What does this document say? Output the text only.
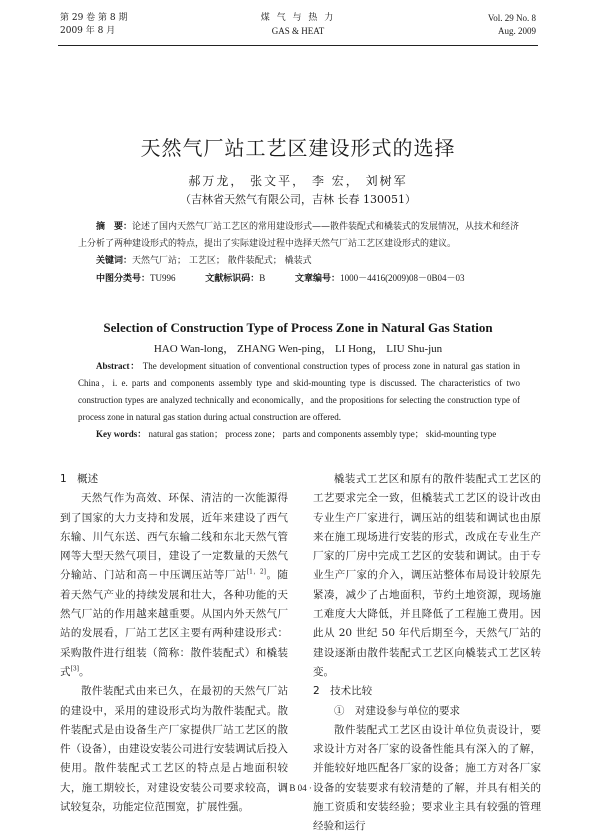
第 29 卷 第 8 期
2009 年 8 月
煤 气 与 热 力
GAS & HEAT
Vol. 29 No. 8
Aug. 2009
天然气厂站工艺区建设形式的选择
郝万龙， 张文平， 李 宏， 刘树军
（吉林省天然气有限公司，吉林 长春 130051）
摘　要：论述了国内天然气厂站工艺区的常用建设形式——散件装配式和橇装式的发展情况，从技术和经济上分析了两种建设形式的特点，提出了实际建设过程中选择天然气厂站工艺区建设形式的建议。
关键词：天然气厂站； 工艺区； 散件装配式； 橇装式
中图分类号：TU996	文献标识码：B	文章编号：1000－4416(2009)08－0B04－03
Selection of Construction Type of Process Zone in Natural Gas Station
HAO Wan-long， ZHANG Wen-ping， LI Hong， LIU Shu-jun
Abstract： The development situation of conventional construction types of process zone in natural gas station in China，i. e. parts and components assembly type and skid-mounting type is discussed. The characteristics of two construction types are analyzed technically and economically，and the propositions for selecting the construction type of process zone in natural gas station during actual construction are offered.
Key words： natural gas station； process zone； parts and components assembly type； skid-mounting type
1　概述

天然气作为高效、环保、清洁的一次能源得到了国家的大力支持和发展，近年来建设了西气东输、川气东送、西气东输二线和东北天然气管网等大型天然气项目，建设了一定数量的天然气分输站、门站和高－中压调压站等厂站[1，2]。随着天然气产业的持续发展和壮大，各种功能的天然气厂站的作用越来越重要。从国内外天然气厂站的发展看，厂站工艺区主要有两种建设形式：采购散件进行组装（简称：散件装配式）和橇装式[3]。

散件装配式由来已久，在最初的天然气厂站的建设中，采用的建设形式均为散件装配式。散件装配式是由设备生产厂家提供厂站工艺区的散件（设备），由建设安装公司进行安装调试后投入使用。散件装配式工艺区的特点是占地面积较大，施工期较长，对建设安装公司要求较高，调试较复杂，功能定位范围宽，扩展性强。

橇装式工艺区和原有的散件装配式工艺区的工艺要求完全一致，但橇装式工艺区的设计改由专业生产厂家进行，调压站的组装和调试也由原来在施工现场进行安装的形式，改成在专业生产厂家的厂房中完成工艺区的安装和调试。由于专业生产厂家的介入，调压站整体布局设计较原先紧凑，减少了占地面积，节约土地资源，现场施工难度大大降低，并且降低了工程施工费用。因此从 20 世纪 50 年代后期至今，天然气厂站的建设逐渐由散件装配式工艺区向橇装式工艺区转变。

2　技术比较
①　对建设参与单位的要求

散件装配式工艺区由设计单位负责设计，要求设计方对各厂家的设备性能具有深入的了解，并能较好地匹配各厂家的设备；施工方对各厂家设备的安装要求有较清楚的了解，并具有相关的施工资质和安装经验；要求业主具有较强的管理经验和运行

· B 04 ·
